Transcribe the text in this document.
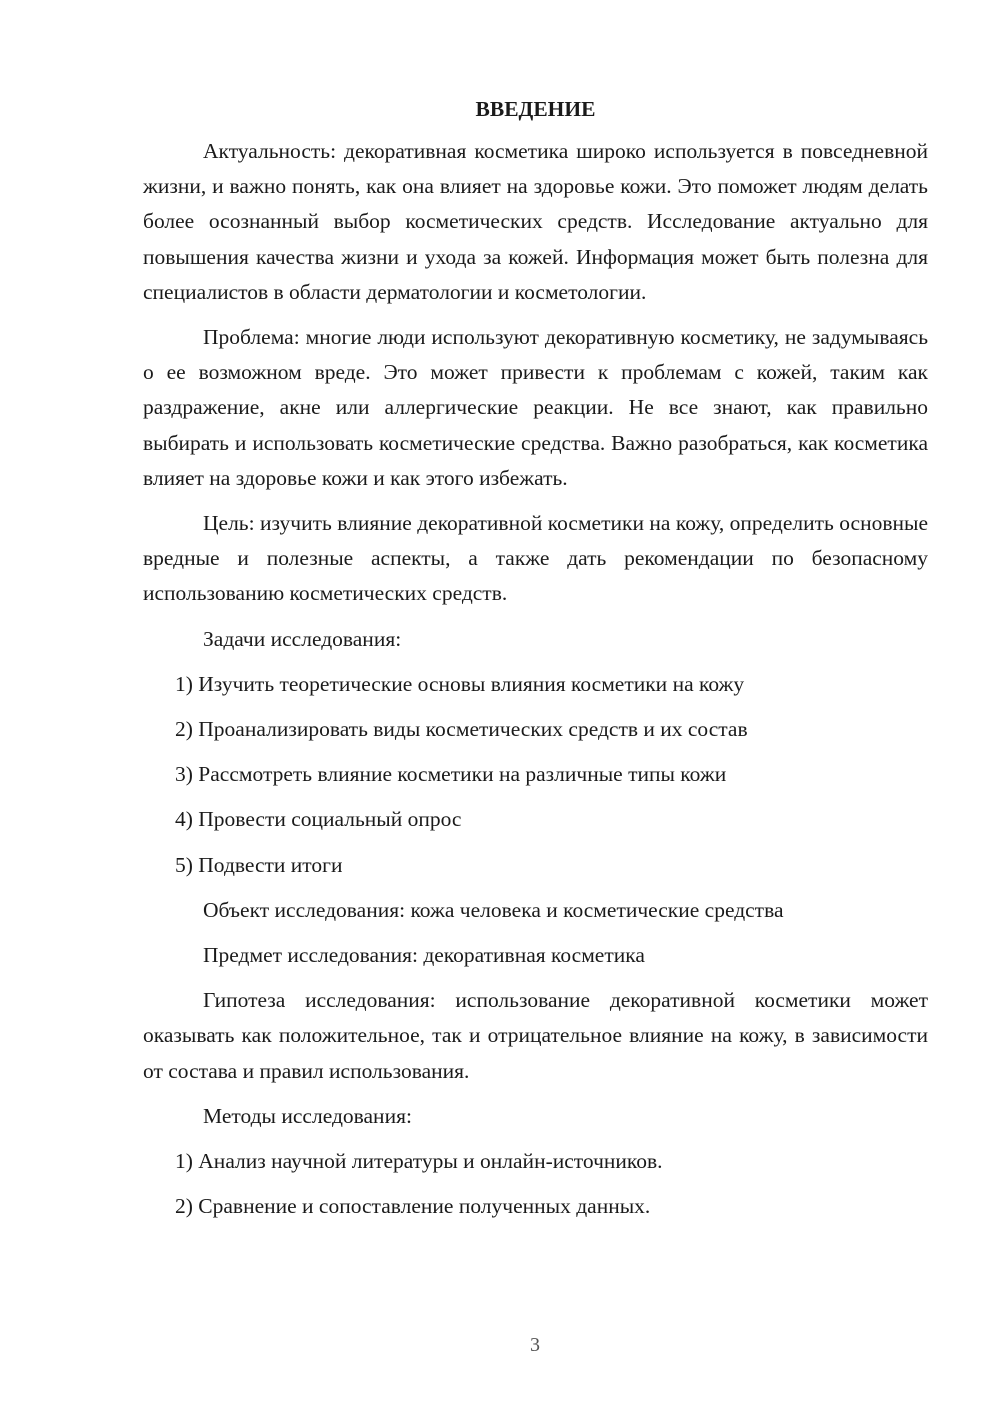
ВВЕДЕНИЕ

Актуальность: декоративная косметика широко используется в повседневной жизни, и важно понять, как она влияет на здоровье кожи. Это поможет людям делать более осознанный выбор косметических средств. Исследование актуально для повышения качества жизни и ухода за кожей. Информация может быть полезна для специалистов в области дерматологии и косметологии.

Проблема: многие люди используют декоративную косметику, не задумываясь о ее возможном вреде. Это может привести к проблемам с кожей, таким как раздражение, акне или аллергические реакции. Не все знают, как правильно выбирать и использовать косметические средства. Важно разобраться, как косметика влияет на здоровье кожи и как этого избежать.

Цель: изучить влияние декоративной косметики на кожу, определить основные вредные и полезные аспекты, а также дать рекомендации по безопасному использованию косметических средств.

Задачи исследования:

1) Изучить теоретические основы влияния косметики на кожу
2) Проанализировать виды косметических средств и их состав
3) Рассмотреть влияние косметики на различные типы кожи
4) Провести социальный опрос
5) Подвести итоги

Объект исследования: кожа человека и косметические средства

Предмет исследования: декоративная косметика

Гипотеза исследования: использование декоративной косметики может оказывать как положительное, так и отрицательное влияние на кожу, в зависимости от состава и правил использования.

Методы исследования:

1) Анализ научной литературы и онлайн-источников.
2) Сравнение и сопоставление полученных данных.
3
